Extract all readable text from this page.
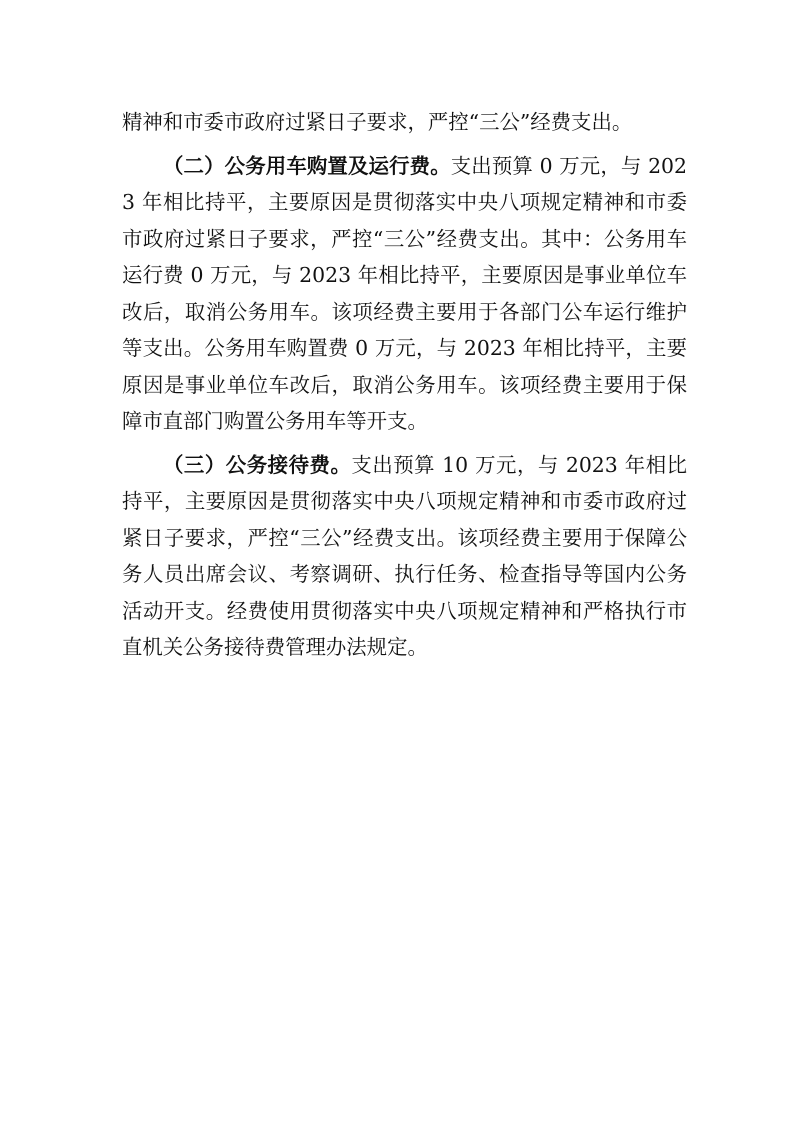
精神和市委市政府过紧日子要求，严控“三公”经费支出。

（二）公务用车购置及运行费。支出预算 0 万元，与 2023 年相比持平，主要原因是贯彻落实中央八项规定精神和市委市政府过紧日子要求，严控“三公”经费支出。其中：公务用车运行费 0 万元，与 2023 年相比持平，主要原因是事业单位车改后，取消公务用车。该项经费主要用于各部门公车运行维护等支出。公务用车购置费 0 万元，与 2023 年相比持平，主要原因是事业单位车改后，取消公务用车。该项经费主要用于保障市直部门购置公务用车等开支。

（三）公务接待费。支出预算 10 万元，与 2023 年相比持平，主要原因是贯彻落实中央八项规定精神和市委市政府过紧日子要求，严控“三公”经费支出。该项经费主要用于保障公务人员出席会议、考察调研、执行任务、检查指导等国内公务活动开支。经费使用贯彻落实中央八项规定精神和严格执行市直机关公务接待费管理办法规定。
